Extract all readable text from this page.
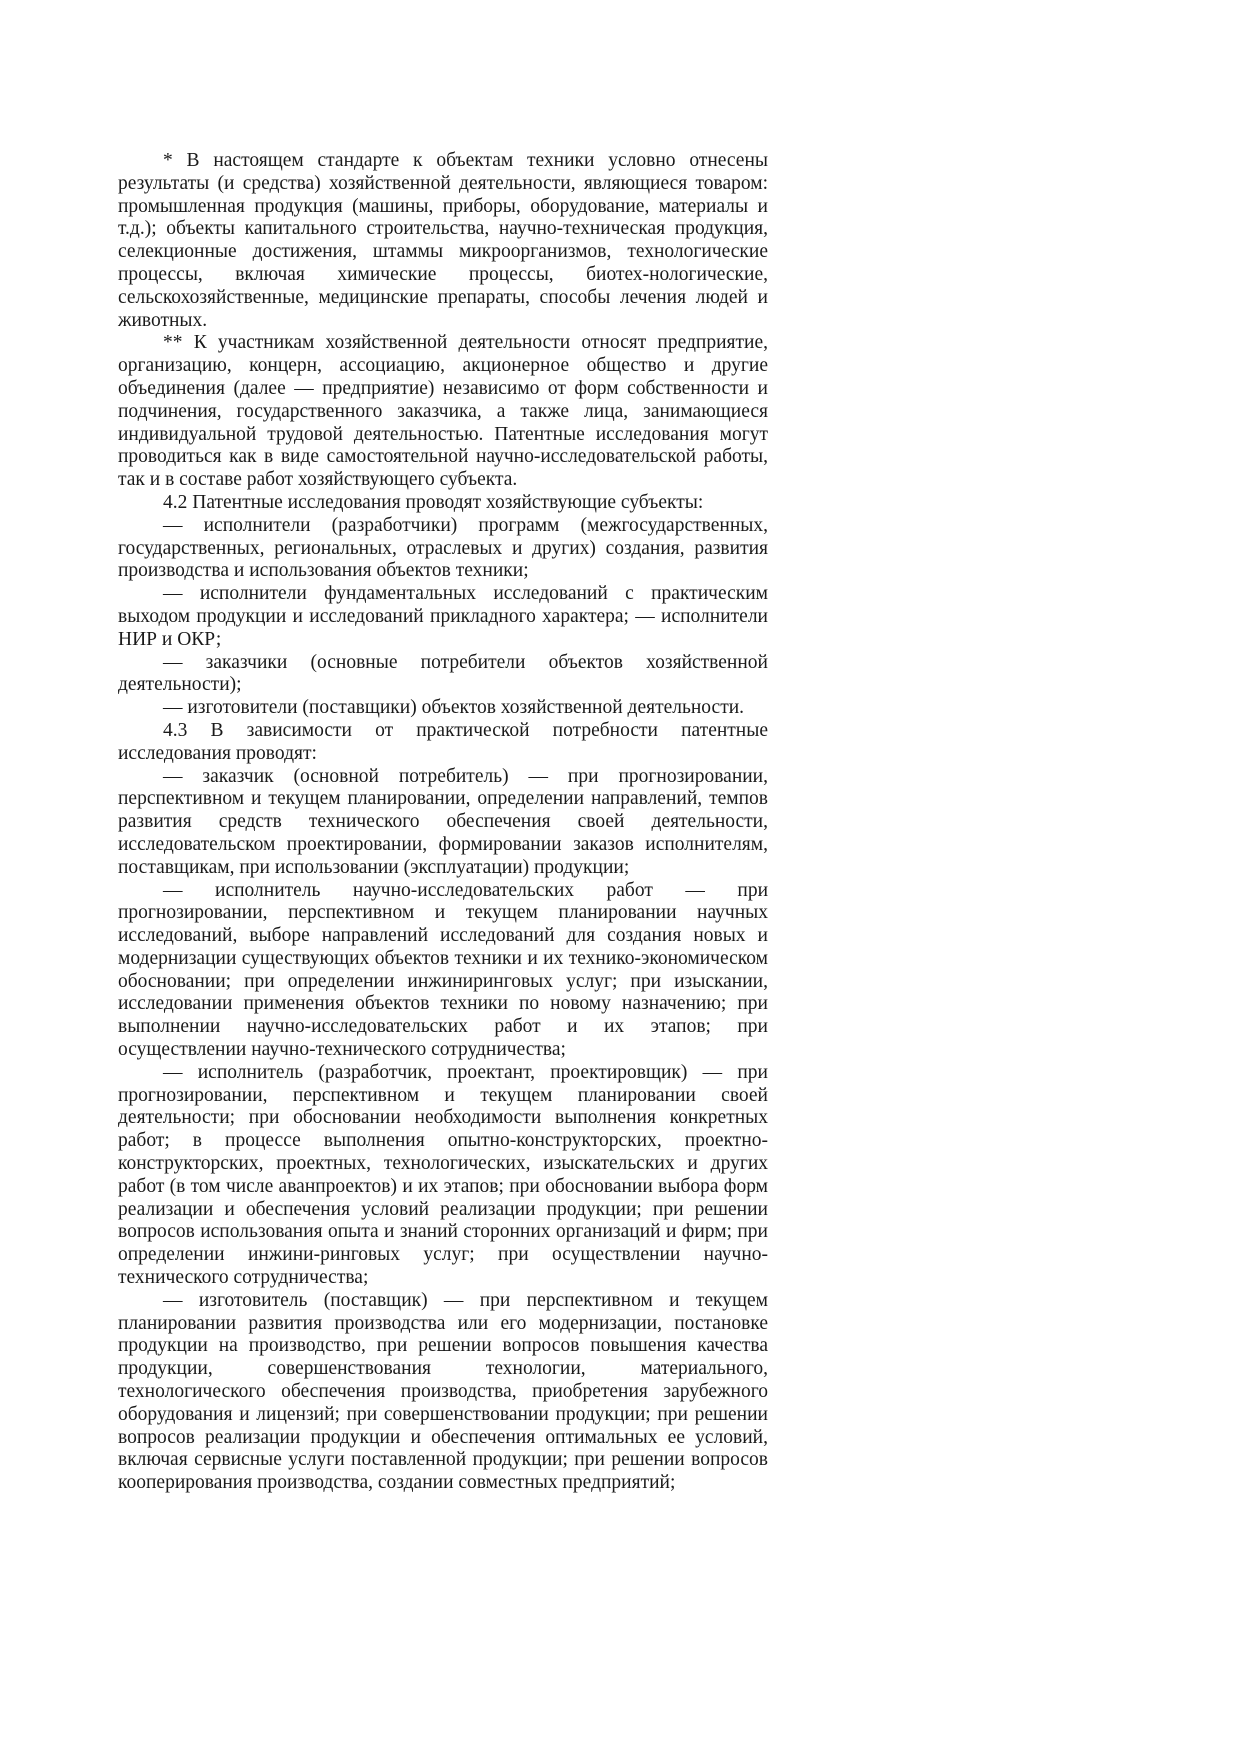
* В настоящем стандарте к объектам техники условно отнесены результаты (и средства) хозяйственной деятельности, являющиеся товаром: промышленная продукция (машины, приборы, оборудование, материалы и т.д.); объекты капитального строительства, научно-техническая продукция, селекционные достижения, штаммы микроорганизмов, технологические процессы, включая химические процессы, биотех-нологические, сельскохозяйственные, медицинские препараты, способы лечения людей и животных.

** К участникам хозяйственной деятельности относят предприятие, организацию, концерн, ассоциацию, акционерное общество и другие объединения (далее — предприятие) независимо от форм собственности и подчинения, государственного заказчика, а также лица, занимающиеся индивидуальной трудовой деятельностью. Патентные исследования могут проводиться как в виде самостоятельной научно-исследовательской работы, так и в составе работ хозяйствующего субъекта.

4.2 Патентные исследования проводят хозяйствующие субъекты:

— исполнители (разработчики) программ (межгосударственных, государственных, региональных, отраслевых и других) создания, развития производства и использования объектов техники;

— исполнители фундаментальных исследований с практическим выходом продукции и исследований прикладного характера; — исполнители НИР и ОКР;

— заказчики (основные потребители объектов хозяйственной деятельности);

— изготовители (поставщики) объектов хозяйственной деятельности.

4.3 В зависимости от практической потребности патентные исследования проводят:

— заказчик (основной потребитель) — при прогнозировании, перспективном и текущем планировании, определении направлений, темпов развития средств технического обеспечения своей деятельности, исследовательском проектировании, формировании заказов исполнителям, поставщикам, при использовании (эксплуатации) продукции;

— исполнитель научно-исследовательских работ — при прогнозировании, перспективном и текущем планировании научных исследований, выборе направлений исследований для создания новых и модернизации существующих объектов техники и их технико-экономическом обосновании; при определении инжиниринговых услуг; при изыскании, исследовании применения объектов техники по новому назначению; при выполнении научно-исследовательских работ и их этапов; при осуществлении научно-технического сотрудничества;

— исполнитель (разработчик, проектант, проектировщик) — при прогнозировании, перспективном и текущем планировании своей деятельности; при обосновании необходимости выполнения конкретных работ; в процессе выполнения опытно-конструкторских, проектно-конструкторских, проектных, технологических, изыскательских и других работ (в том числе аванпроектов) и их этапов; при обосновании выбора форм реализации и обеспечения условий реализации продукции; при решении вопросов использования опыта и знаний сторонних организаций и фирм; при определении инжини-ринговых услуг; при осуществлении научно-технического сотрудничества;

— изготовитель (поставщик) — при перспективном и текущем планировании развития производства или его модернизации, постановке продукции на производство, при решении вопросов повышения качества продукции, совершенствования технологии, материального, технологического обеспечения производства, приобретения зарубежного оборудования и лицензий; при совершенствовании продукции; при решении вопросов реализации продукции и обеспечения оптимальных ее условий, включая сервисные услуги поставленной продукции; при решении вопросов кооперирования производства, создании совместных предприятий;
